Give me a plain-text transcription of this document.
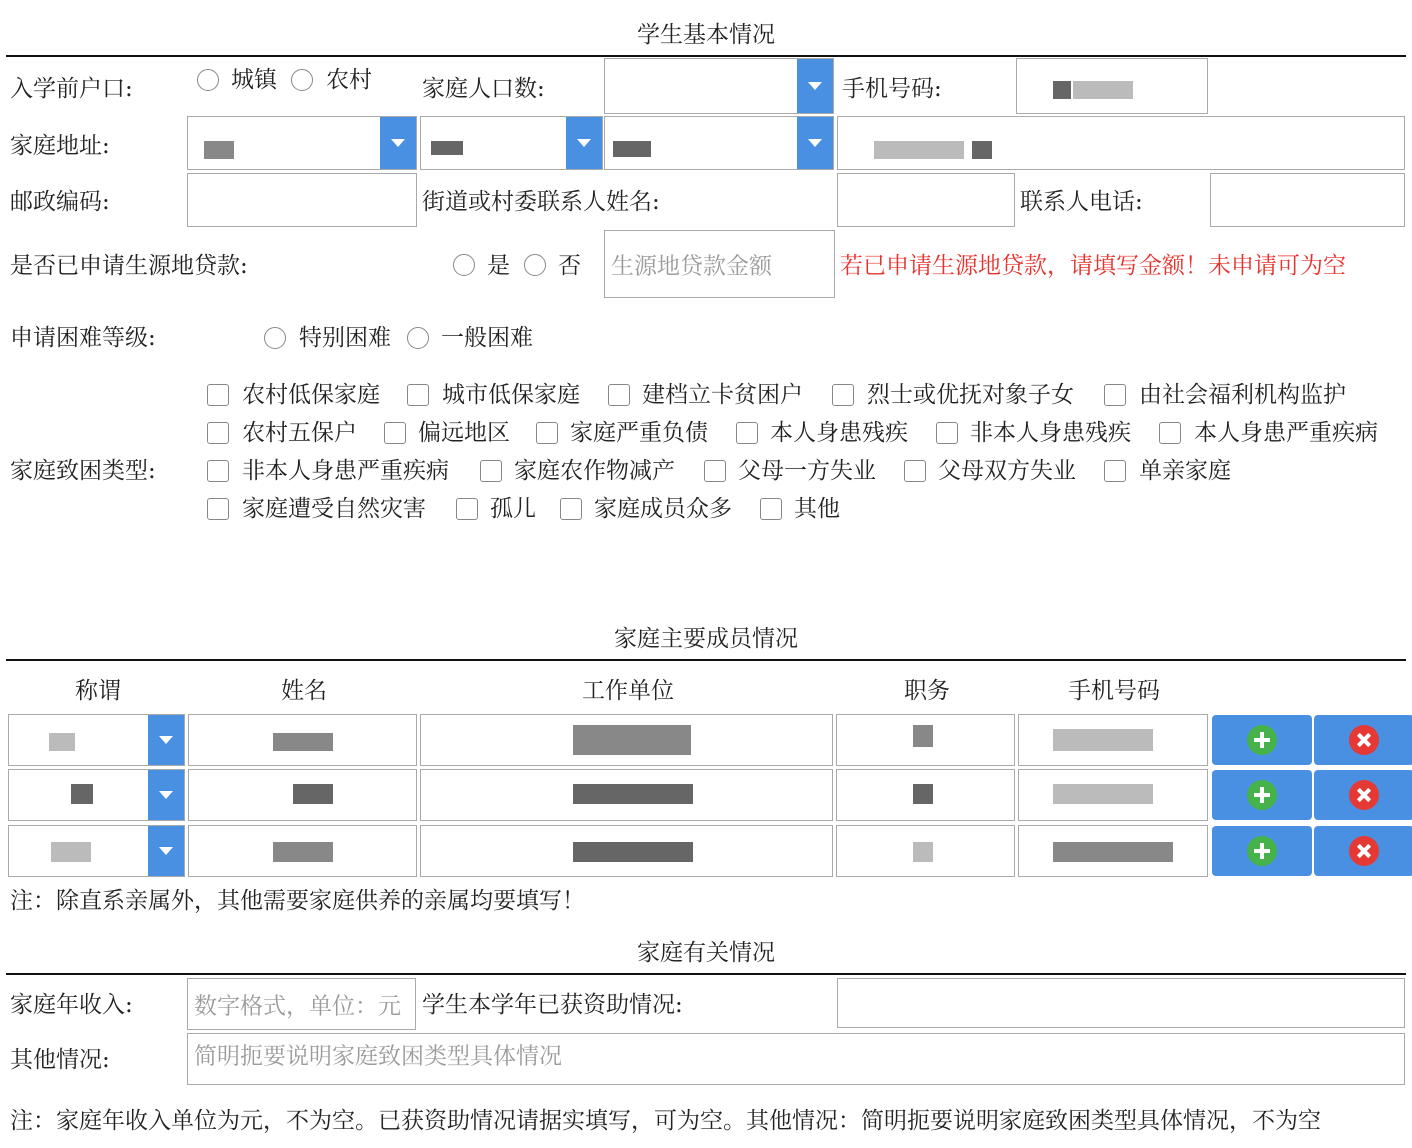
学生基本情况
入学前户口:	城镇 农村 家庭人口数:	手机号码:
家庭地址:
邮政编码:	街道或村委联系人姓名:	联系人电话:
是否已申请生源地贷款:	是 否 生源地贷款金额	若已申请生源地贷款，请填写金额！未申请可为空
申请困难等级:	特别困难 一般困难
家庭致困类型:
农村低保家庭	城市低保家庭	建档立卡贫困户	烈士或优抚对象子女	由社会福利机构监护
农村五保户	偏远地区	家庭严重负债	本人身患残疾	非本人身患残疾	本人身患严重疾病
非本人身患严重疾病	家庭农作物减产	父母一方失业	父母双方失业	单亲家庭
家庭遭受自然灾害	孤儿	家庭成员众多	其他
家庭主要成员情况
称谓	姓名	工作单位	职务	手机号码
注：除直系亲属外，其他需要家庭供养的亲属均要填写！
家庭有关情况
家庭年收入:	数字格式，单位：元 学生本学年已获资助情况:
其他情况:	简明扼要说明家庭致困类型具体情况
注：家庭年收入单位为元，不为空。已获资助情况请据实填写，可为空。其他情况：简明扼要说明家庭致困类型具体情况，不为空
